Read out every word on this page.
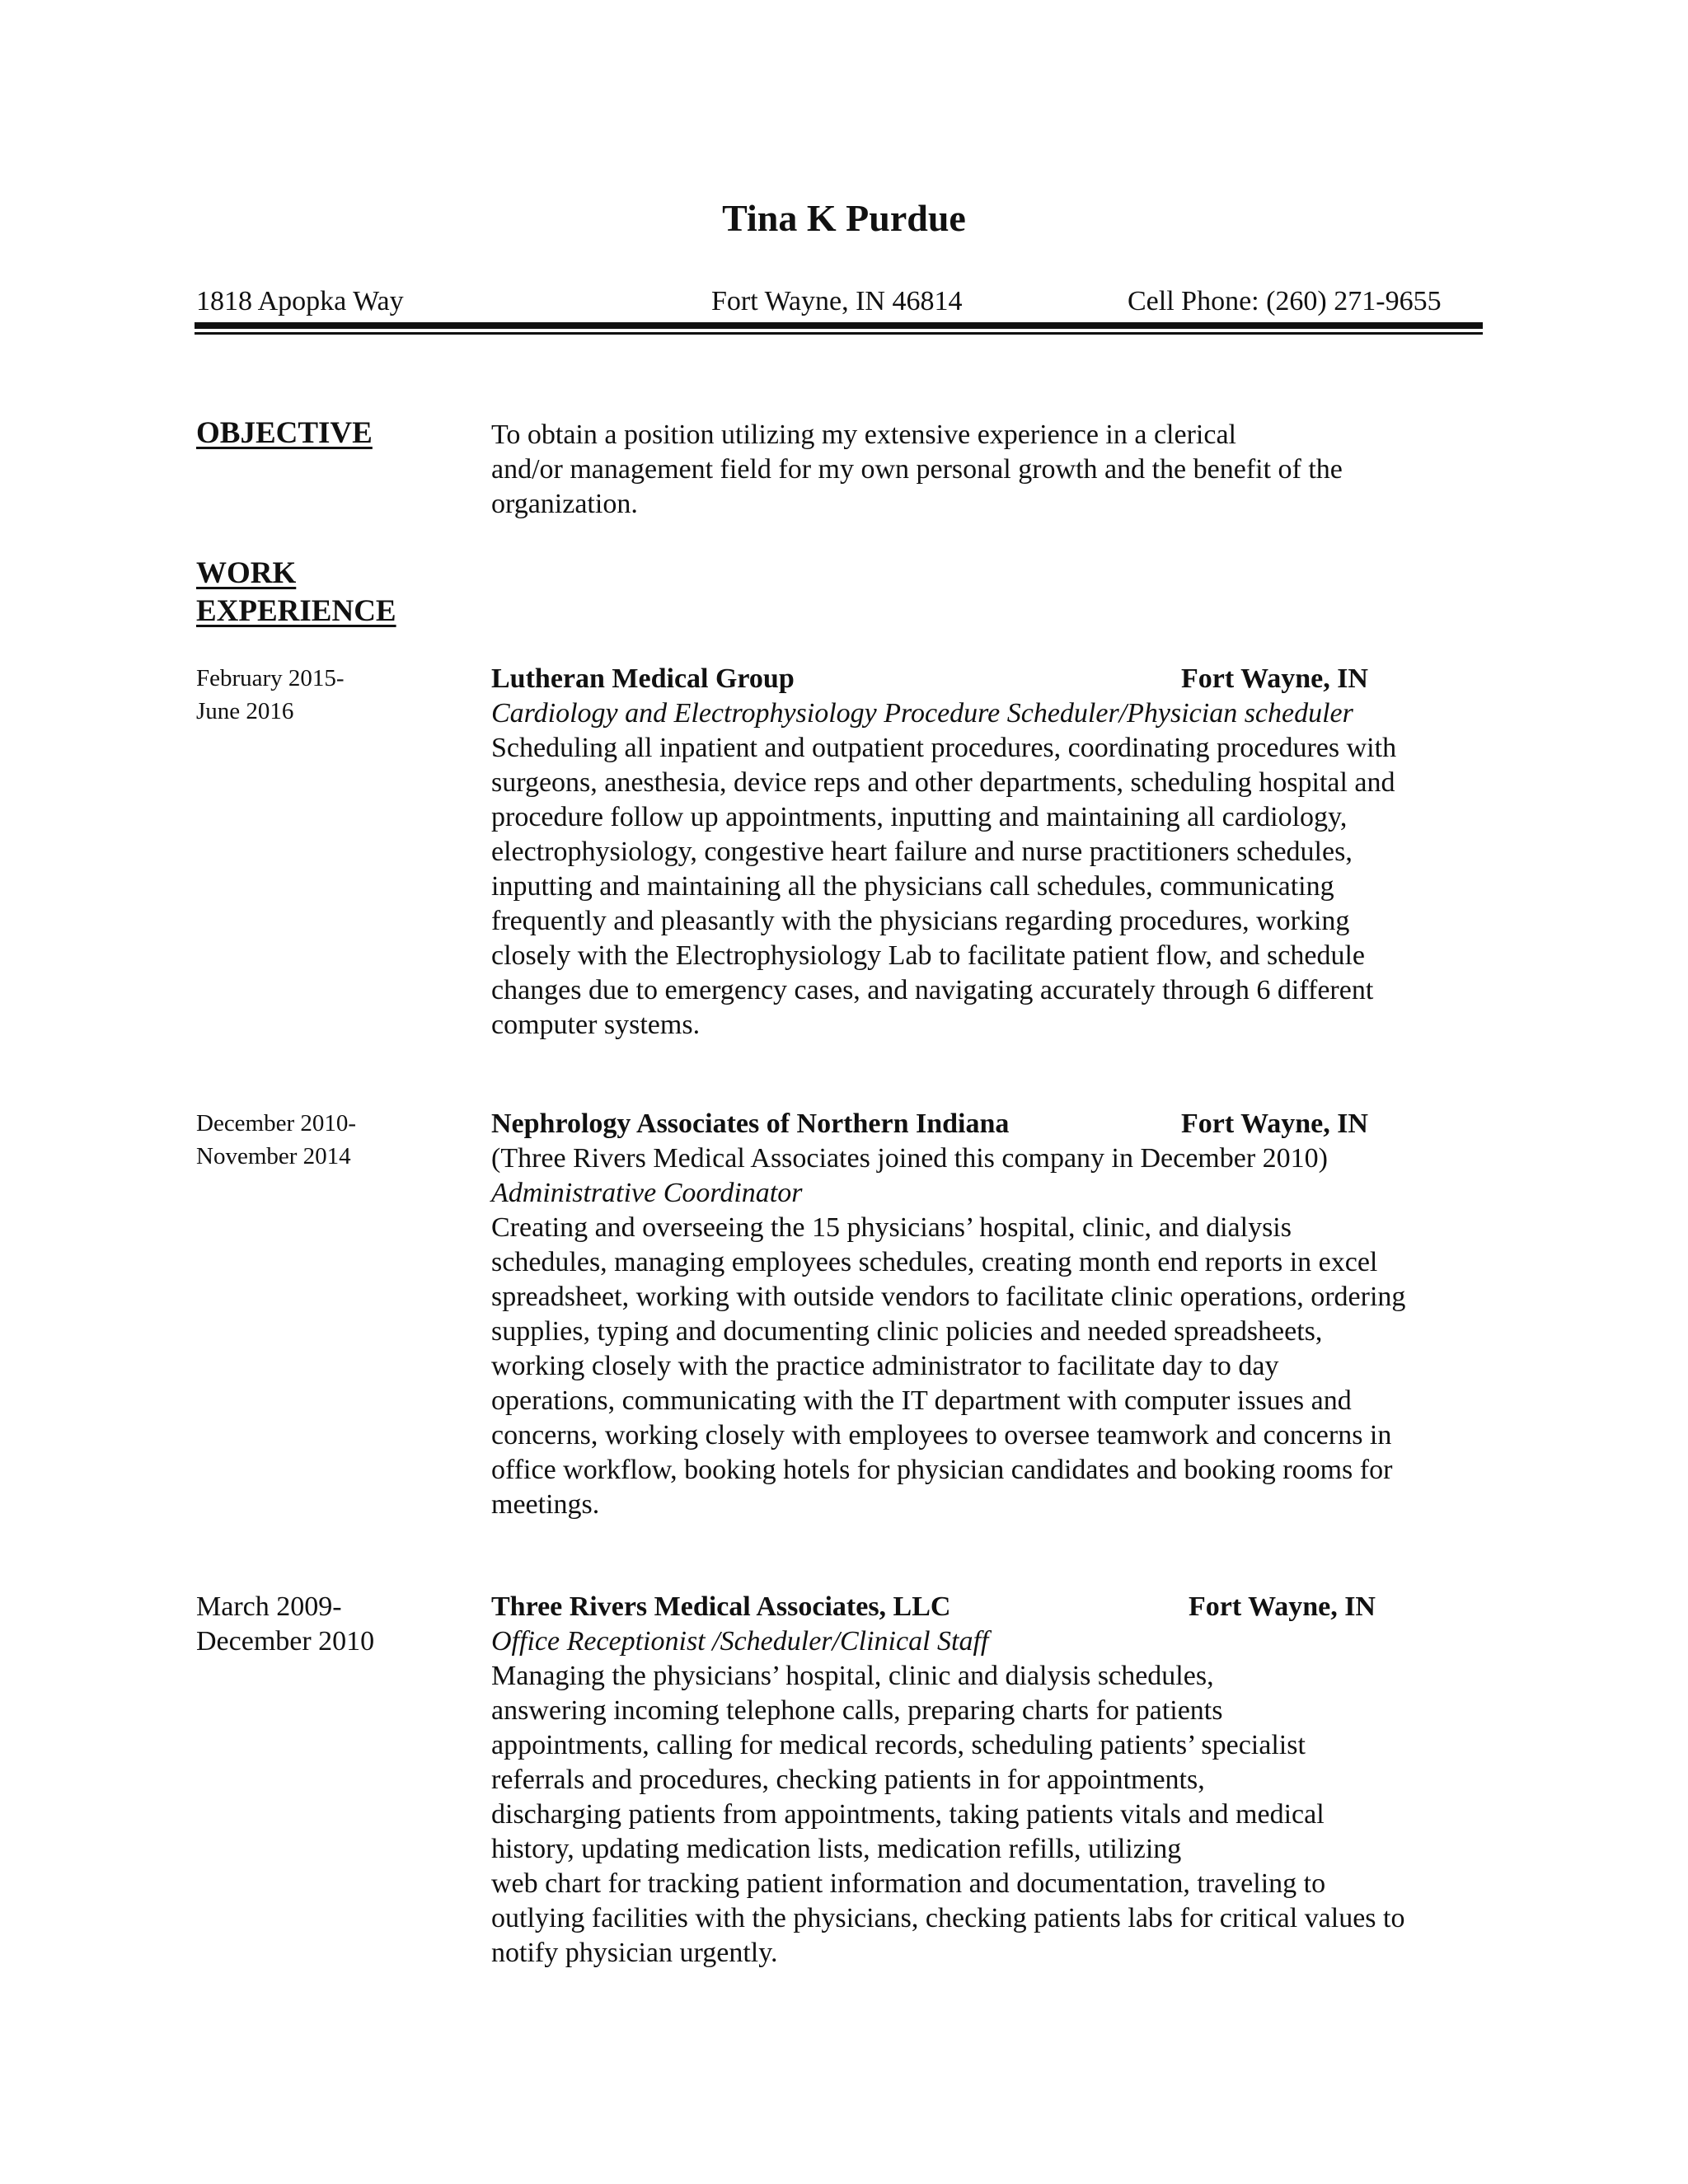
Tina K Purdue
1818 Apopka Way	Fort Wayne, IN 46814	Cell Phone: (260) 271-9655
OBJECTIVE	To obtain a position utilizing my extensive experience in a clerical
and/or management field for my own personal growth and the benefit of the
organization.
WORK EXPERIENCE
February 2015-
June 2016
Lutheran Medical Group	Fort Wayne, IN
Cardiology and Electrophysiology Procedure Scheduler/Physician scheduler
Scheduling all inpatient and outpatient procedures, coordinating procedures with
surgeons, anesthesia, device reps and other departments, scheduling hospital and
procedure follow up appointments, inputting and maintaining all cardiology,
electrophysiology, congestive heart failure and nurse practitioners schedules,
inputting and maintaining all the physicians call schedules, communicating
frequently and pleasantly with the physicians regarding procedures, working
closely with the Electrophysiology Lab to facilitate patient flow, and schedule
changes due to emergency cases, and navigating accurately through 6 different
computer systems.
December 2010-
November 2014
Nephrology Associates of Northern Indiana	Fort Wayne, IN
(Three Rivers Medical Associates joined this company in December 2010)
Administrative Coordinator
Creating and overseeing the 15 physicians’ hospital, clinic, and dialysis
schedules, managing employees schedules, creating month end reports in excel
spreadsheet, working with outside vendors to facilitate clinic operations, ordering
supplies, typing and documenting clinic policies and needed spreadsheets,
working closely with the practice administrator to facilitate day to day
operations, communicating with the IT department with computer issues and
concerns, working closely with employees to oversee teamwork and concerns in
office workflow, booking hotels for physician candidates and booking rooms for
meetings.
March 2009-
December 2010
Three Rivers Medical Associates, LLC	Fort Wayne, IN
Office Receptionist /Scheduler/Clinical Staff
Managing the physicians’ hospital, clinic and dialysis schedules,
answering incoming telephone calls, preparing charts for patients
appointments, calling for medical records, scheduling patients’ specialist
referrals and procedures, checking patients in for appointments,
discharging patients from appointments, taking patients vitals and medical
history, updating medication lists, medication refills, utilizing
web chart for tracking patient information and documentation, traveling to
outlying facilities with the physicians, checking patients labs for critical values to
notify physician urgently.
